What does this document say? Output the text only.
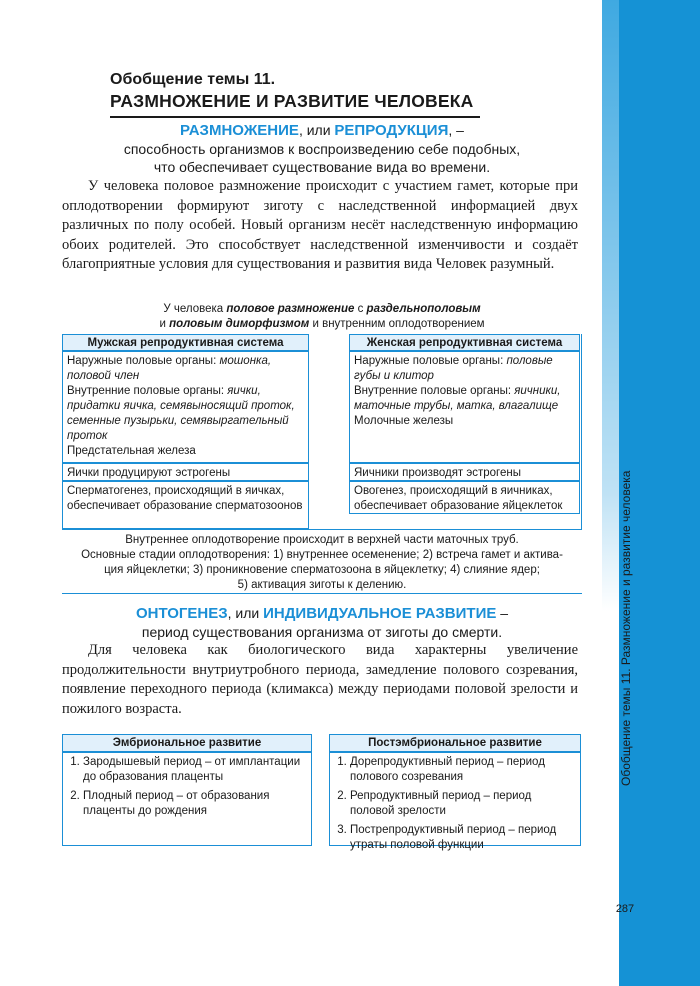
Обобщение темы 11. Размножение и развитие человека
287
Обобщение темы 11.
РАЗМНОЖЕНИЕ И РАЗВИТИЕ ЧЕЛОВЕКА
РАЗМНОЖЕНИЕ, или РЕПРОДУКЦИЯ, –
способность организмов к воспроизведению себе подобных,
что обеспечивает существование вида во времени.

У человека половое размножение происходит с участием гамет, которые при оплодотворении формируют зиготу с наследственной информацией двух различных по полу особей. Новый организм несёт наследственную информацию обоих родителей. Это способствует наследственной изменчивости и создаёт благоприятные условия для существования и развития вида Человек разумный.

У человека половое размножение с раздельнополовым
и половым диморфизмом и внутренним оплодотворением
Мужская репродуктивная система
Наружные половые органы: мошонка, половой член
Внутренние половые органы: яички, придатки яичка, семявыносящий проток, семенные пузырьки, семявыргательный проток
Предстательная железа
Яички продуцируют эстрогены
Сперматогенез, происходящий в яичках, обеспечивает образование сперматозоонов
Женская репродуктивная система
Наружные половые органы: половые губы и клитор
Внутренние половые органы: яичники, маточные трубы, матка, влагалище
Молочные железы
Яичники производят эстрогены
Овогенез, происходящий в яичниках, обеспечивает образование яйцеклеток
Внутреннее оплодотворение происходит в верхней части маточных труб.
Основные стадии оплодотворения: 1) внутреннее осеменение; 2) встреча гамет и актива-
ция яйцеклетки; 3) проникновение сперматозоона в яйцеклетку; 4) слияние ядер;
5) активация зиготы к делению.
ОНТОГЕНЕЗ, или ИНДИВИДУАЛЬНОЕ РАЗВИТИЕ –
период существования организма от зиготы до смерти.

Для человека как биологического вида характерны увеличение продолжительности внутриутробного периода, замедление полового созревания, появление переходного периода (климакса) между периодами половой зрелости и пожилого возраста.

Эмбриональное развитие
1. Зародышевый период – от имплантации до образования плаценты
2. Плодный период – от образования плаценты до рождения
Постэмбриональное развитие
1. Дорепродуктивный период – период полового созревания
2. Репродуктивный период – период половой зрелости
3. Пострепродуктивный период – период утраты половой функции
